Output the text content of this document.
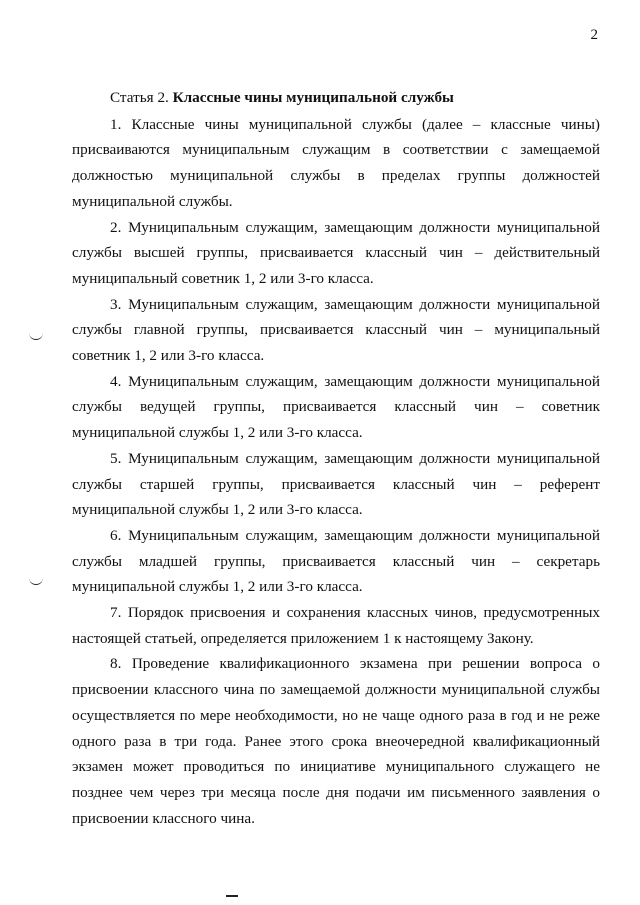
2

Статья 2. Классные чины муниципальной службы

1. Классные чины муниципальной службы (далее – классные чины) присваиваются муниципальным служащим в соответствии с замещаемой должностью муниципальной службы в пределах группы должностей муниципальной службы.

2. Муниципальным служащим, замещающим должности муниципальной службы высшей группы, присваивается классный чин – действительный муниципальный советник 1, 2 или 3-го класса.

3. Муниципальным служащим, замещающим должности муниципальной службы главной группы, присваивается классный чин – муниципальный советник 1, 2 или 3-го класса.

4. Муниципальным служащим, замещающим должности муниципальной службы ведущей группы, присваивается классный чин – советник муниципальной службы 1, 2 или 3-го класса.

5. Муниципальным служащим, замещающим должности муниципальной службы старшей группы, присваивается классный чин – референт муниципальной службы 1, 2 или 3-го класса.

6. Муниципальным служащим, замещающим должности муниципальной службы младшей группы, присваивается классный чин – секретарь муниципальной службы 1, 2 или 3-го класса.

7. Порядок присвоения и сохранения классных чинов, предусмотренных настоящей статьей, определяется приложением 1 к настоящему Закону.

8. Проведение квалификационного экзамена при решении вопроса о присвоении классного чина по замещаемой должности муниципальной службы осуществляется по мере необходимости, но не чаще одного раза в год и не реже одного раза в три года. Ранее этого срока внеочередной квалификационный экзамен может проводиться по инициативе муниципального служащего не позднее чем через три месяца после дня подачи им письменного заявления о присвоении классного чина.
